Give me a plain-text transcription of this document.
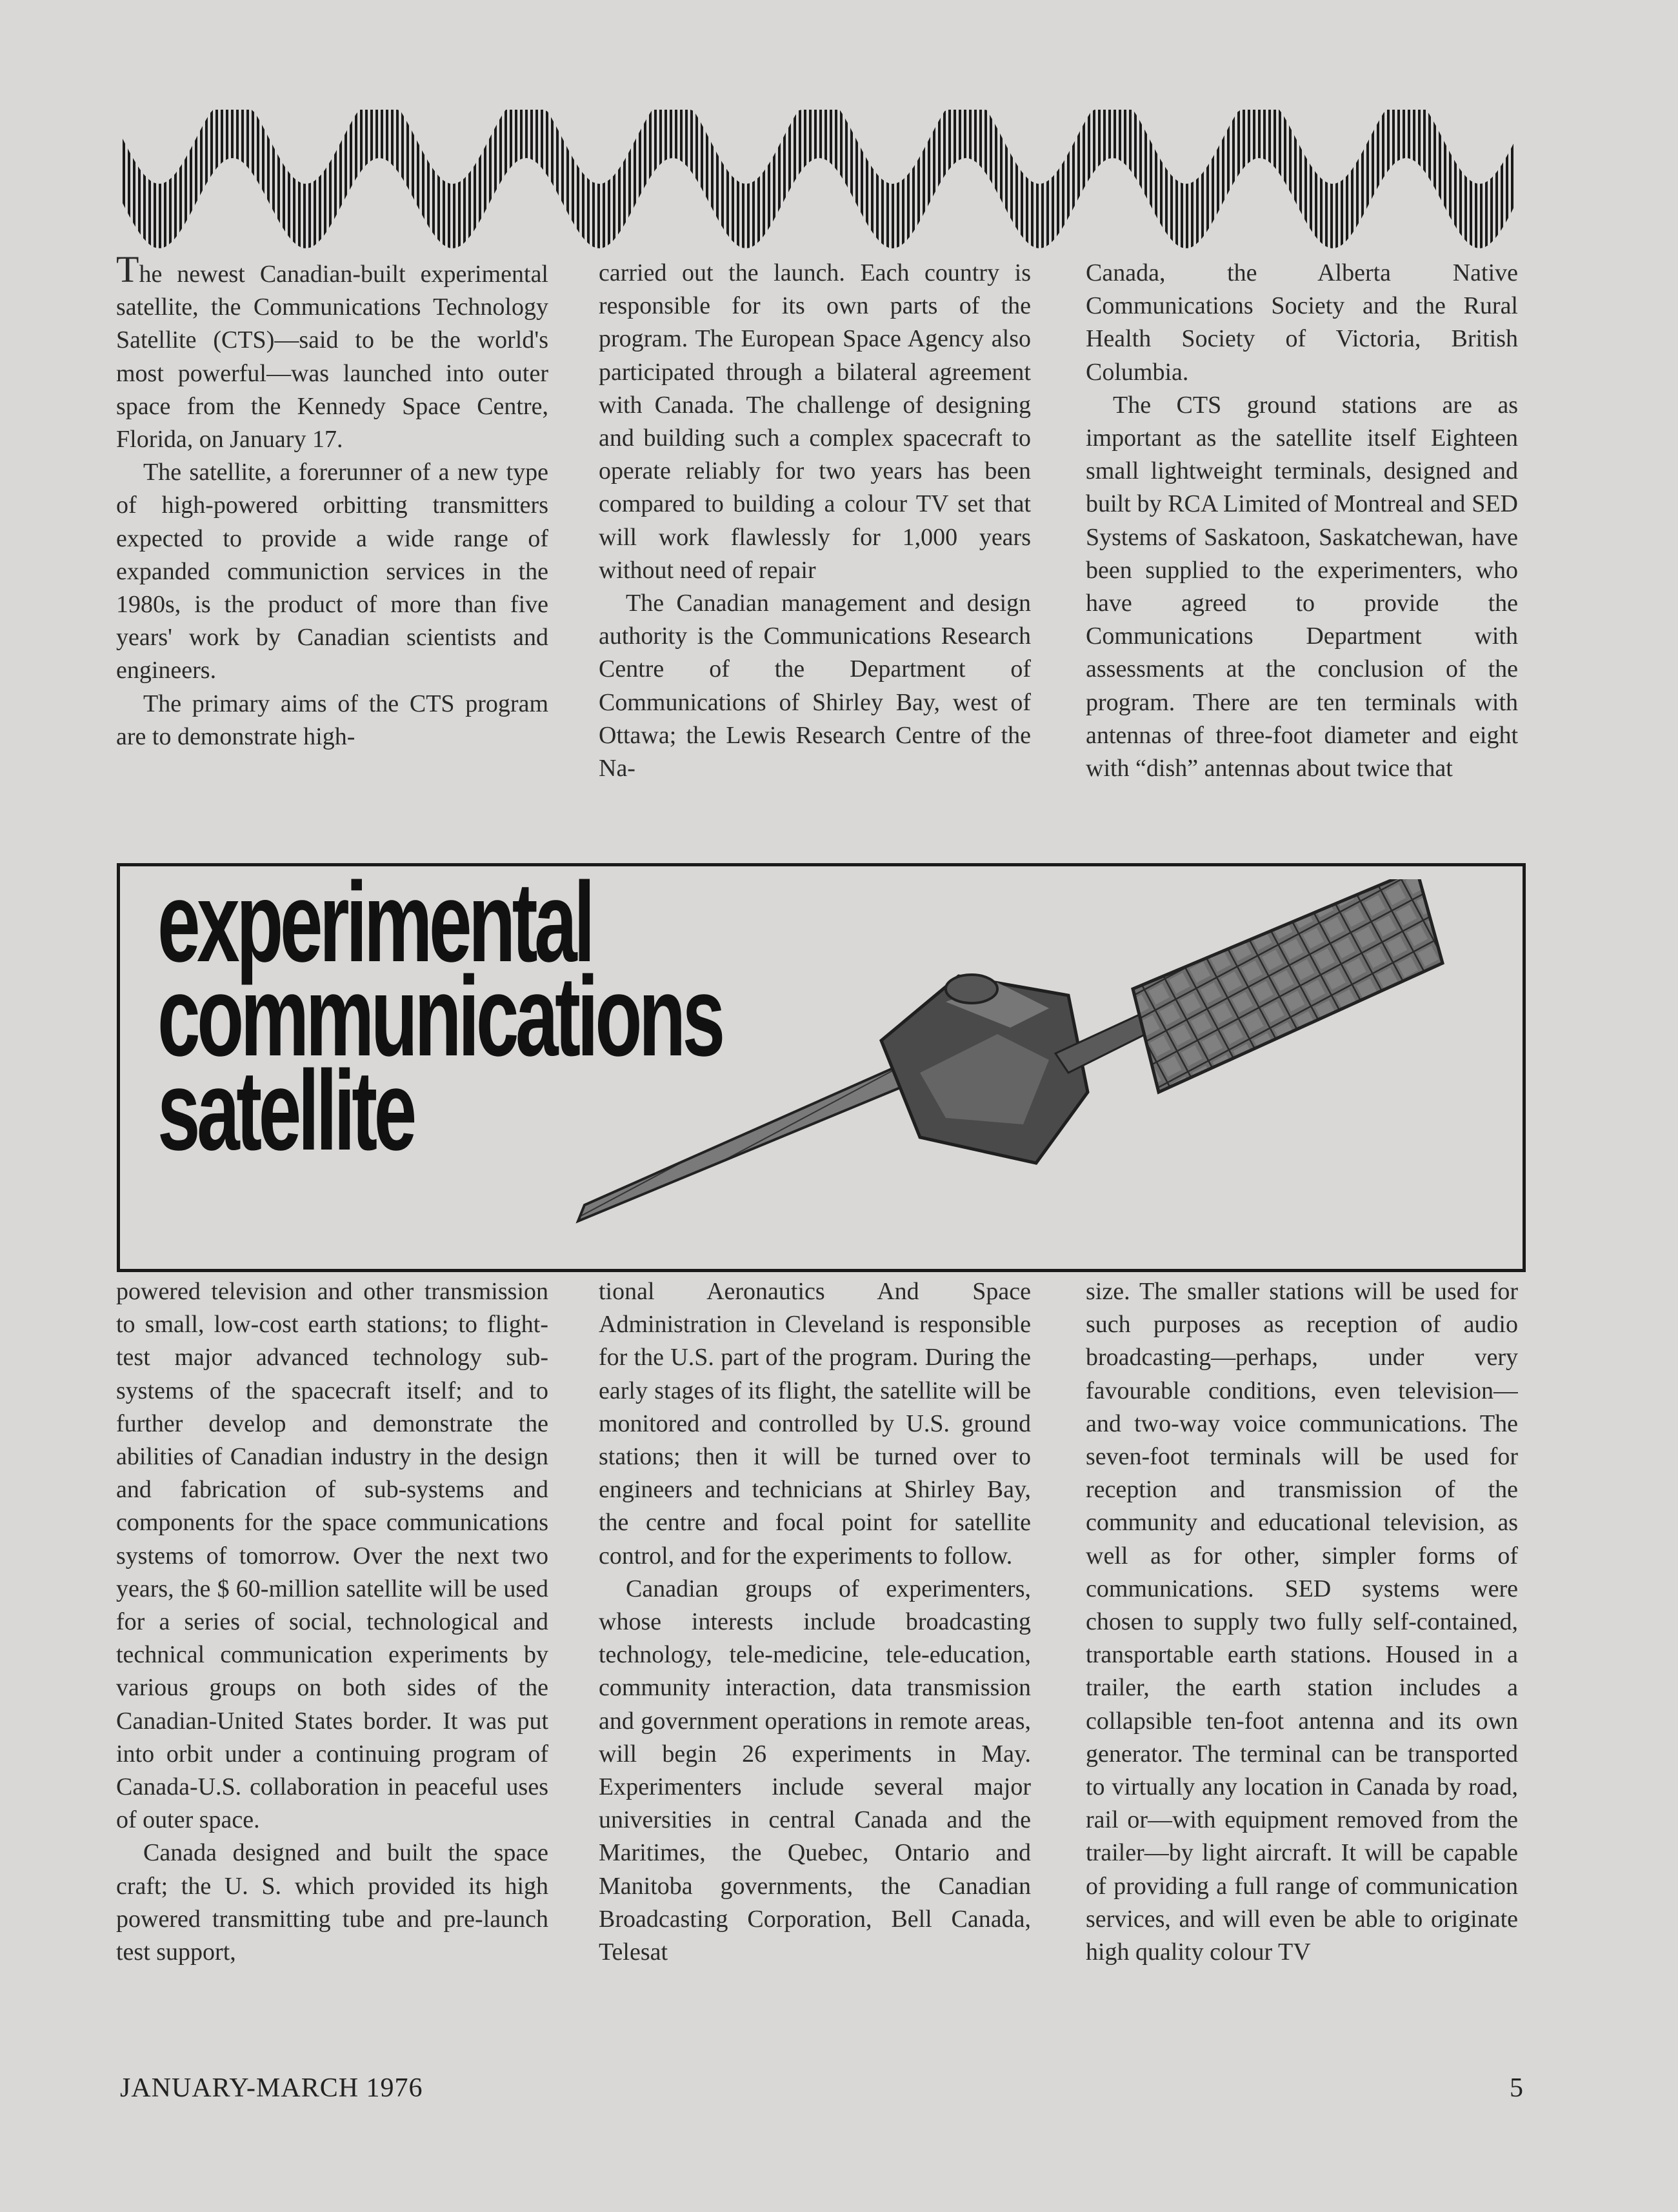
The newest Canadian-built experimental satellite, the Communications Technology Satellite (CTS)—said to be the world's most powerful—was launched into outer space from the Kennedy Space Centre, Florida, on January 17.

The satellite, a forerunner of a new type of high-powered orbitting transmitters expected to provide a wide range of expanded communiction services in the 1980s, is the product of more than five years' work by Canadian scientists and engineers.

The primary aims of the CTS program are to demonstrate high-

carried out the launch. Each country is responsible for its own parts of the program. The European Space Agency also participated through a bilateral agreement with Canada. The challenge of designing and building such a complex spacecraft to operate reliably for two years has been compared to building a colour TV set that will work flawlessly for 1,000 years without need of repair

The Canadian management and design authority is the Communications Research Centre of the Department of Communications of Shirley Bay, west of Ottawa; the Lewis Research Centre of the Na-

Canada, the Alberta Native Communications Society and the Rural Health Society of Victoria, British Columbia.

The CTS ground stations are as important as the satellite itself Eighteen small lightweight terminals, designed and built by RCA Limited of Montreal and SED Systems of Saskatoon, Saskatchewan, have been supplied to the experimenters, who have agreed to provide the Communications Department with assessments at the conclusion of the program. There are ten terminals with antennas of three-foot diameter and eight with “dish” antennas about twice that

experimental
communications
satellite

powered television and other transmission to small, low-cost earth stations; to flight-test major advanced technology sub-systems of the spacecraft itself; and to further develop and demonstrate the abilities of Canadian industry in the design and fabrication of sub-systems and components for the space communications systems of tomorrow. Over the next two years, the $ 60-million satellite will be used for a series of social, technological and technical communication experiments by various groups on both sides of the Canadian-United States border. It was put into orbit under a continuing program of Canada-U.S. collaboration in peaceful uses of outer space.

Canada designed and built the space craft; the U. S. which provided its high powered transmitting tube and pre-launch test support,

tional Aeronautics And Space Administration in Cleveland is responsible for the U.S. part of the program. During the early stages of its flight, the satellite will be monitored and controlled by U.S. ground stations; then it will be turned over to engineers and technicians at Shirley Bay, the centre and focal point for satellite control, and for the experiments to follow.

Canadian groups of experimenters, whose interests include broadcasting technology, tele-medicine, tele-education, community interaction, data transmission and government operations in remote areas, will begin 26 experiments in May. Experimenters include several major universities in central Canada and the Maritimes, the Quebec, Ontario and Manitoba governments, the Canadian Broadcasting Corporation, Bell Canada, Telesat

size. The smaller stations will be used for such purposes as reception of audio broadcasting—perhaps, under very favourable conditions, even television—and two-way voice communications. The seven-foot terminals will be used for reception and transmission of the community and educational television, as well as for other, simpler forms of communications. SED systems were chosen to supply two fully self-contained, transportable earth stations. Housed in a trailer, the earth station includes a collapsible ten-foot antenna and its own generator. The terminal can be transported to virtually any location in Canada by road, rail or—with equipment removed from the trailer—by light aircraft. It will be capable of providing a full range of communication services, and will even be able to originate high quality colour TV

JANUARY-MARCH 1976	5
